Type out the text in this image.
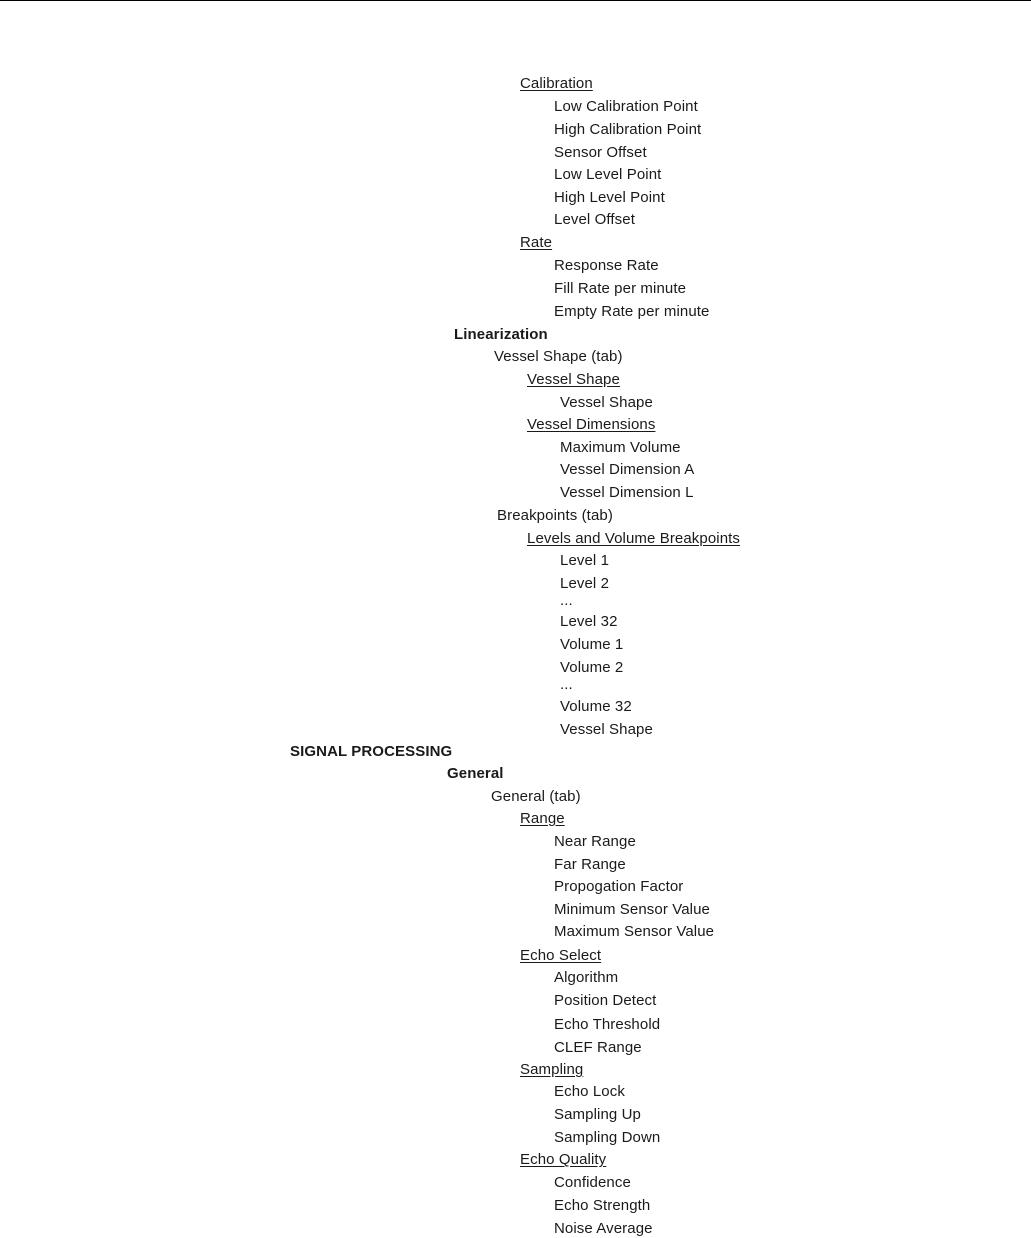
Calibration
Low Calibration Point
High Calibration Point
Sensor Offset
Low Level Point
High Level Point
Level Offset
Rate
Response Rate
Fill Rate per minute
Empty Rate per minute
Linearization
Vessel Shape (tab)
Vessel Shape
Vessel Shape
Vessel Dimensions
Maximum Volume
Vessel Dimension A
Vessel Dimension L
Breakpoints (tab)
Levels and Volume Breakpoints
Level 1
Level 2
...
Level 32
Volume 1
Volume 2
...
Volume 32
Vessel Shape
SIGNAL PROCESSING
General
General (tab)
Range
Near Range
Far Range
Propogation Factor
Minimum Sensor Value
Maximum Sensor Value
Echo Select
Algorithm
Position Detect
Echo Threshold
CLEF Range
Sampling
Echo Lock
Sampling Up
Sampling Down
Echo Quality
Confidence
Echo Strength
Noise Average
